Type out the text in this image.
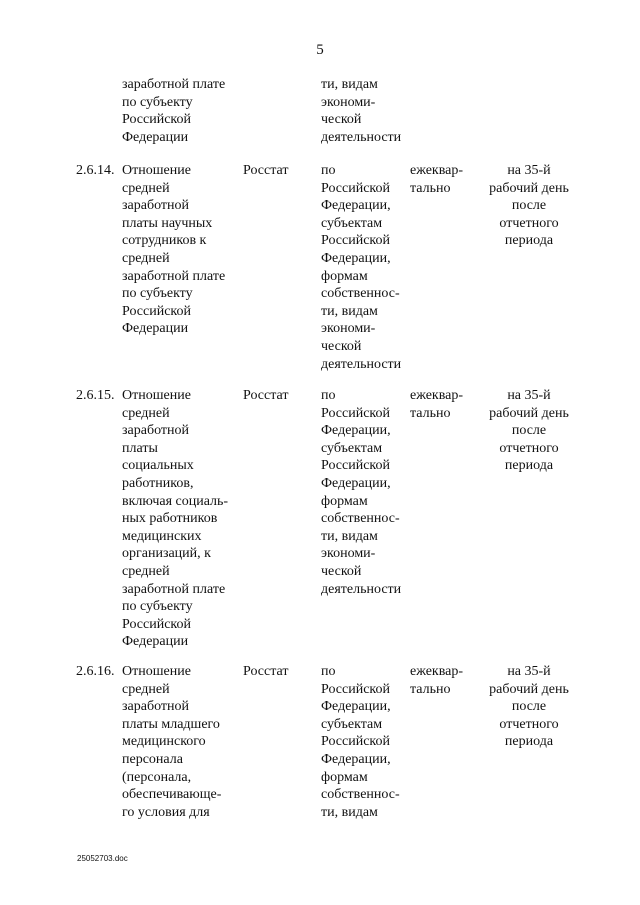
5
заработной плате
по субъекту
Российской
Федерации
ти, видам
экономи-
ческой
деятельности
2.6.14. Отношение
средней
заработной
платы научных
сотрудников к
средней
заработной плате
по субъекту
Российской
Федерации
Росстат по
Российской
Федерации,
субъектам
Российской
Федерации,
формам
собственнос-
ти, видам
экономи-
ческой
деятельности
ежеквар-
тально
на 35-й
рабочий день
после
отчетного
периода
2.6.15. Отношение
средней
заработной
платы
социальных
работников,
включая социаль-
ных работников
медицинских
организаций, к
средней
заработной плате
по субъекту
Российской
Федерации
Росстат по
Российской
Федерации,
субъектам
Российской
Федерации,
формам
собственнос-
ти, видам
экономи-
ческой
деятельности
ежеквар-
тально
на 35-й
рабочий день
после
отчетного
периода
2.6.16. Отношение
средней
заработной
платы младшего
медицинского
персонала
(персонала,
обеспечивающе-
го условия для
Росстат по
Российской
Федерации,
субъектам
Российской
Федерации,
формам
собственнос-
ти, видам
ежеквар-
тально
на 35-й
рабочий день
после
отчетного
периода
25052703.doc
